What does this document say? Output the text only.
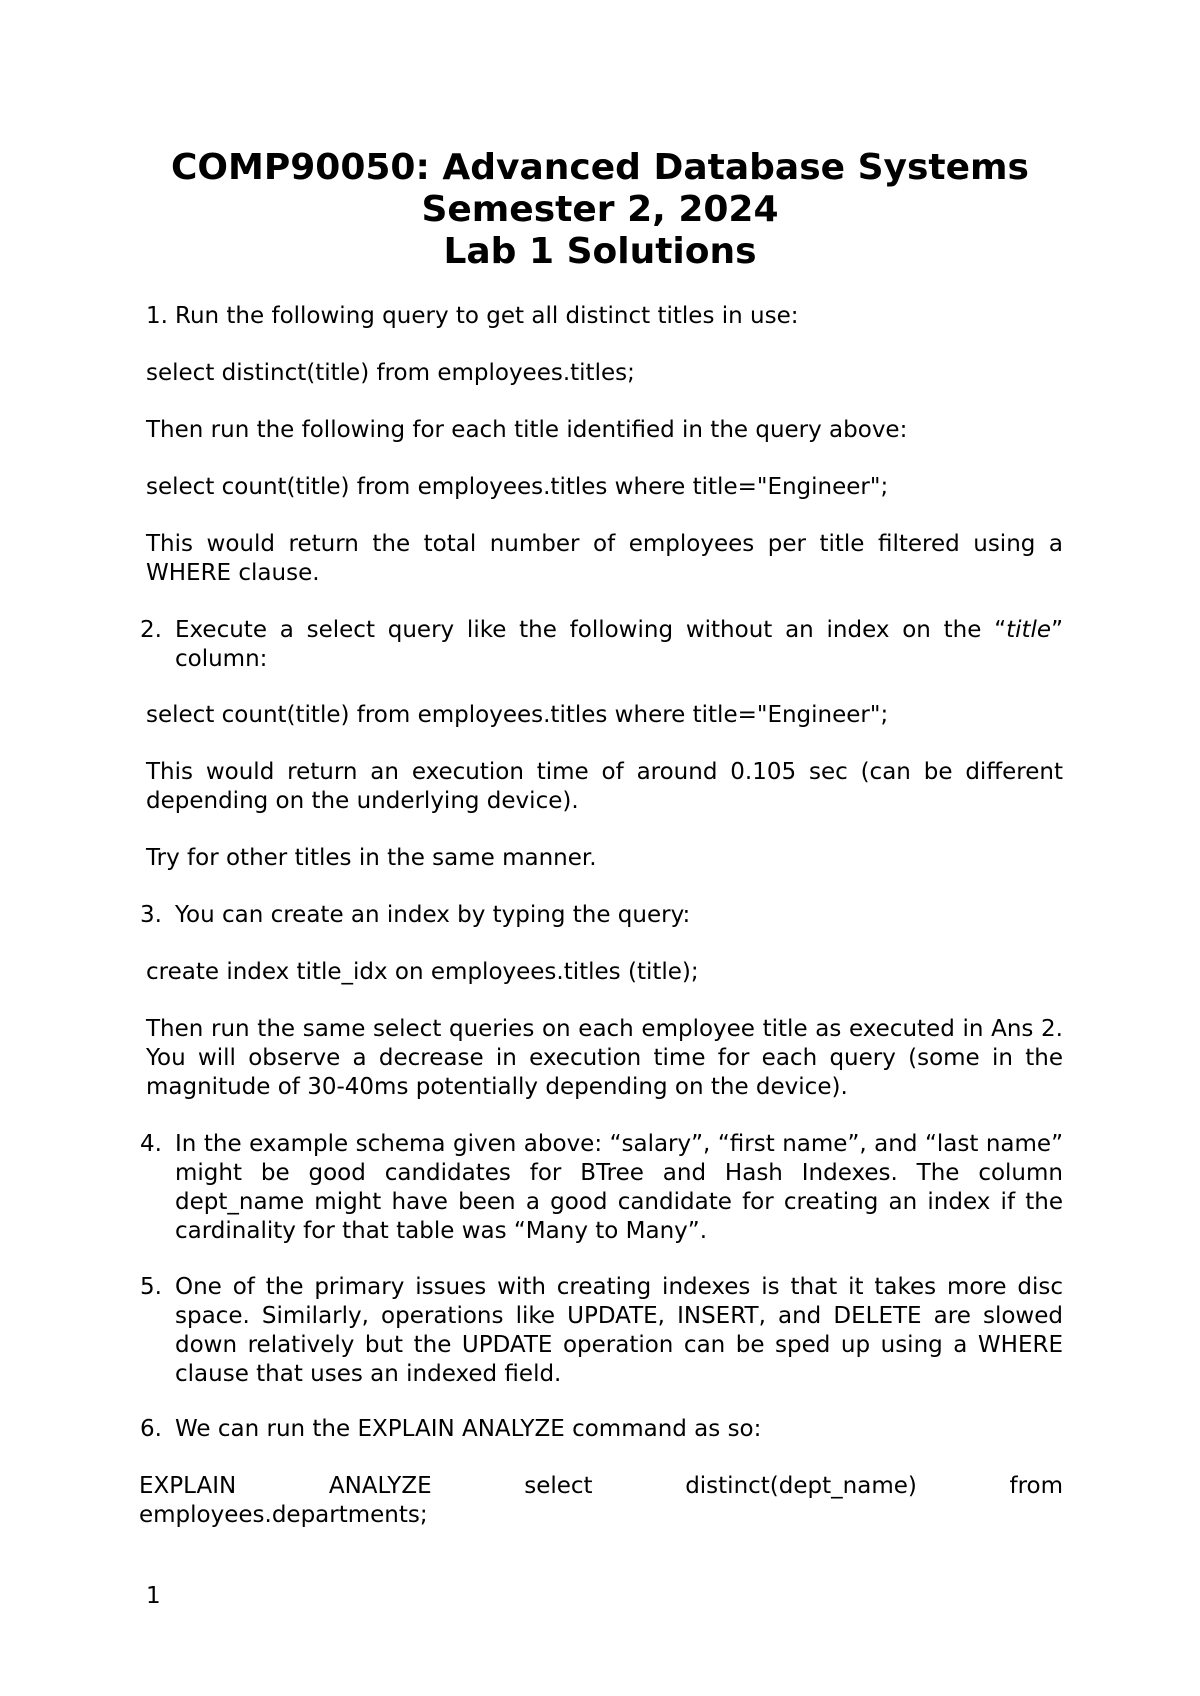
COMP90050: Advanced Database Systems
Semester 2, 2024
Lab 1 Solutions
1. Run the following query to get all distinct titles in use:

select distinct(title) from employees.titles;

Then run the following for each title identified in the query above:

select count(title) from employees.titles where title="Engineer";

This would return the total number of employees per title filtered using a WHERE clause.

2. Execute a select query like the following without an index on the “title” column:

select count(title) from employees.titles where title="Engineer";

This would return an execution time of around 0.105 sec (can be different depending on the underlying device).

Try for other titles in the same manner.

3. You can create an index by typing the query:

create index title_idx on employees.titles (title);

Then run the same select queries on each employee title as executed in Ans 2. You will observe a decrease in execution time for each query (some in the magnitude of 30-40ms potentially depending on the device).

4. In the example schema given above: “salary”, “first name”, and “last name” might be good candidates for BTree and Hash Indexes. The column dept_name might have been a good candidate for creating an index if the cardinality for that table was “Many to Many”.

5. One of the primary issues with creating indexes is that it takes more disc space. Similarly, operations like UPDATE, INSERT, and DELETE are slowed down relatively but the UPDATE operation can be sped up using a WHERE clause that uses an indexed field.

6. We can run the EXPLAIN ANALYZE command as so:

EXPLAIN	ANALYZE	select	distinct(dept_name)	from

employees.departments;

1
